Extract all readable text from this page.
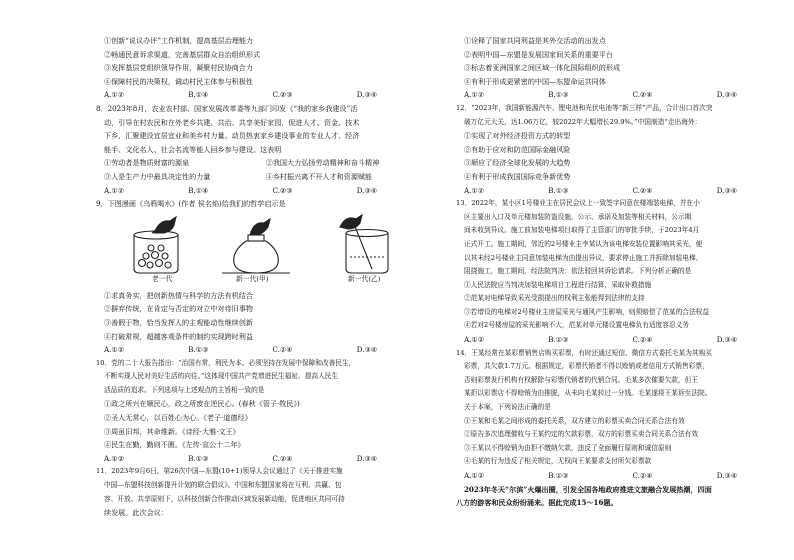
①创新“说议办评”工作机制，提高基层治理能力
②畅通民意诉求渠道，完善基层群众自治组织形式
③发挥基层党组织领导作用，凝聚村民协商合力
④保障村民的决策权，调动村民主体参与积极性
A.①②	B.①④	C.②③	D.③④
8．2023年8月，农业农村部、国家发展改革委等九部门印发《“我的家乡我建设”活
动，引导在村农民和在外老乡共建、共治、共享美好家园，促进人才、资金、技术
下乡，汇聚建设宜居宜业和美乡村力量。动员热衷家乡建设事业的专业人才、经济
能手、文化名人、社会名流等能人回乡参与建设。这表明
①劳动者是物质财富的源泉	②我国大力弘扬劳动精神和奋斗精神
③人是生产力中最具决定性的力量	④乡村振兴离不开人才和资源赋能
A.①②	B.①④	C.②③	D.③④
9．下图漫画《乌鸦喝水》(作者 侯名焰)给我们的哲学启示是
老一代	新一代(甲)	新一代(乙)
①求真务实，把创新热情与科学的方法有机结合
②摒弃传统，在肯定与否定的对立中对待旧事物
③善假于物，恰当发挥人的主观能动性继续创新
④打破常规，超越客观条件的制约实现跨时利益
A.①②	B.①③	C.②④	D.③④
10．党的二十大报告指出：“治国有常，利民为本。必须坚持在发展中保障和改善民生，
不断实现人民对美好生活的向往。”这体现中国共产党增进民生福祉、提高人民生
活品质的追求。下列选项与上述观点的主旨相一致的是
①政之所兴在顺民心，政之所废在逆民心。(春秋《管子·牧民》)
②圣人无常心，以百姓心为心。《老子·道德经》
③周虽旧邦，其命维新。《诗经·大雅·文王》
④民生在勤，勤则不匮。《左传·宣公十二年》
A.①②	B.①③	C.②④	D.③④
11．2023年9月6日，第26次中国—东盟(10+1)领导人会议通过了《关于推进实施
中国—东盟科技创新提升计划的联合倡议》。中国和东盟国家将在互利、共赢、包
容、开放、共享原则下，以科技创新合作推动区域发展新动能，促进地区共同可持
续发展。此次会议：
①诠释了国家共同利益是其外交活动的出发点
②表明中国—东盟是发展国家间关系的重要平台
③标志着亚洲国家之间区域一体化国际组织的形成
④有利于形成更紧密的中国—东盟命运共同体
A.①②	B.①③	C.②④	D.③④
12．“2023年，我国新能源汽车、锂电池和光伏电池等“新三样”产品，合计出口首次突
破万亿元大关，达1.06万亿，较2022年大幅增长29.9%。”中国制造“走出海外：
①实现了对外经济投资方式的转型
②有助于应对和防范国际金融风险
③顺应了经济全球化发展的大趋势
④有利于形成我国国际竞争新优势
A.①②	B.①③	C.②④	D.③④
13．2022年，某小区1号楼业主在居民会议上一致签字同意在楼端装电梯，并在小
区主要出入口及单元楼加装防盗设施、公示、承诺及加装等相关材料，公示期
间未收到异议。施工前加装电梯项目取得了主管部门的审批手续，于2023年4月
正式开工。施工期间，邻近的2号楼业主李某认为该电梯安装位置影响其采光，便
以其未经2号楼业主同意加装电梯为由提出异议，要求停止施工并拆除加装电梯、
阻挠施工，施工期间，经法院判决：依法驳回其诉讼请求。下列分析正确的是
①人民法院应当判决加装电梯项目工程进行结算，采取补救措施
②范某对电梯导致采光受损提出的权利主张能得到法律的支持
③若增设的电梯对2号楼业主房屋采光与通风产生影响，则须赔偿了范某的合法权益
④若对2号楼房屋的采光影响不大，范某对单元楼设置电梯负有适度容忍义务
A.①②	B.①③	C.②④	D.③④
14．王某经常在某彩票销售店购买彩票，有时还通过短信、微信方式委托毛某为其购买
彩票，共欠款1.7万元。根据规定，彩票代销者不得以赊销或者信用方式销售彩票，
否则彩票发行机构有权解除与彩票代销者的代销合同。毛某多次催要欠款，但王
某拒以彩票店不得赊销为由推脱，从未向毛某转过一分钱。毛某遂将王某诉至法院。
关于本案，下列说法正确的是
①王某和毛某之间形成的委托关系，双方建立的彩票买卖合同关系合法有效
②原告多次追理催收与王某约定的欠款彩票，双方的彩票买卖合同关系合法有效
③王某以不得赊销为由拒不缴纳欠款，违反了全面履行原则和诚信原则
④毛某的行为违反了相关规定，无权向王某要求支付所欠彩票款
A.①②	B.①③	C.②④	D.③④
2023年冬天“尔滨”火爆出圈，引发全国各地政府推进文旅融合发展热潮，四面
八方的游客和民众纷纷涌来。据此完成15～16题。
